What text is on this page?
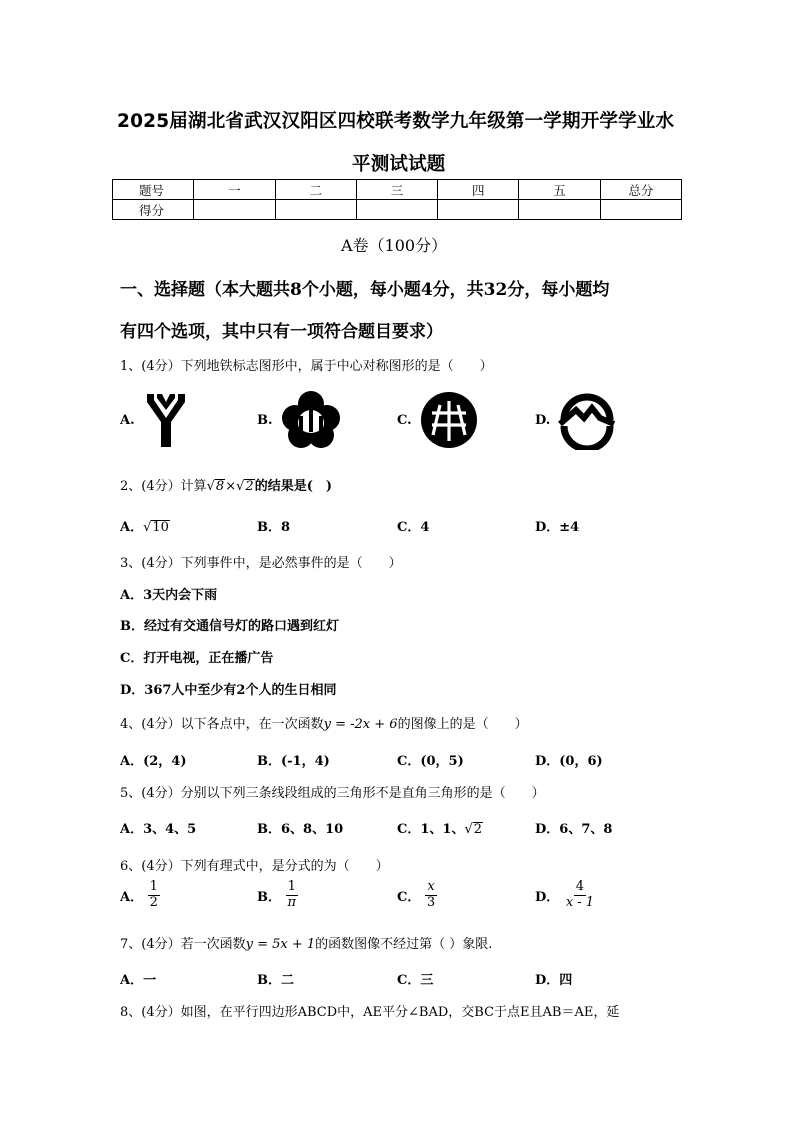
2025届湖北省武汉汉阳区四校联考数学九年级第一学期开学学业水
平测试试题
题号	一	二	三	四	五	总分
得分						
A卷（100分）
一、选择题（本大题共8个小题，每小题4分，共32分，每小题均
有四个选项，其中只有一项符合题目要求）
1、(4分）下列地铁标志图形中，属于中心对称图形的是（　　）
A.	B.	C.	D.
2、(4分）计算√8×√2的结果是(　)
A．√10	B．8	C．4	D．±4
3、(4分）下列事件中，是必然事件的是（　　）
A．3天内会下雨
B．经过有交通信号灯的路口遇到红灯
C．打开电视，正在播广告
D．367人中至少有2个人的生日相同
4、(4分）以下各点中，在一次函数y = -2x + 6的图像上的是（　　）
A．(2，4)	B．(-1，4)	C．(0，5)	D．(0，6)
5、(4分）分别以下列三条线段组成的三角形不是直角三角形的是（　　）
A．3、4、5	B．6、8、10	C．1、1、√2	D．6、7、8
6、(4分）下列有理式中，是分式的为（　　）
A． $\frac{1}{2}$	B． $\frac{1}{\pi}$	C． $\frac{x}{3}$	D． $\frac{4}{x - 1}$
7、(4分）若一次函数y = 5x + 1的函数图像不经过第（ ）象限.
A．一	B．二	C．三	D．四
8、(4分）如图，在平行四边形ABCD中，AE平分∠BAD，交BC于点E且AB＝AE，延
